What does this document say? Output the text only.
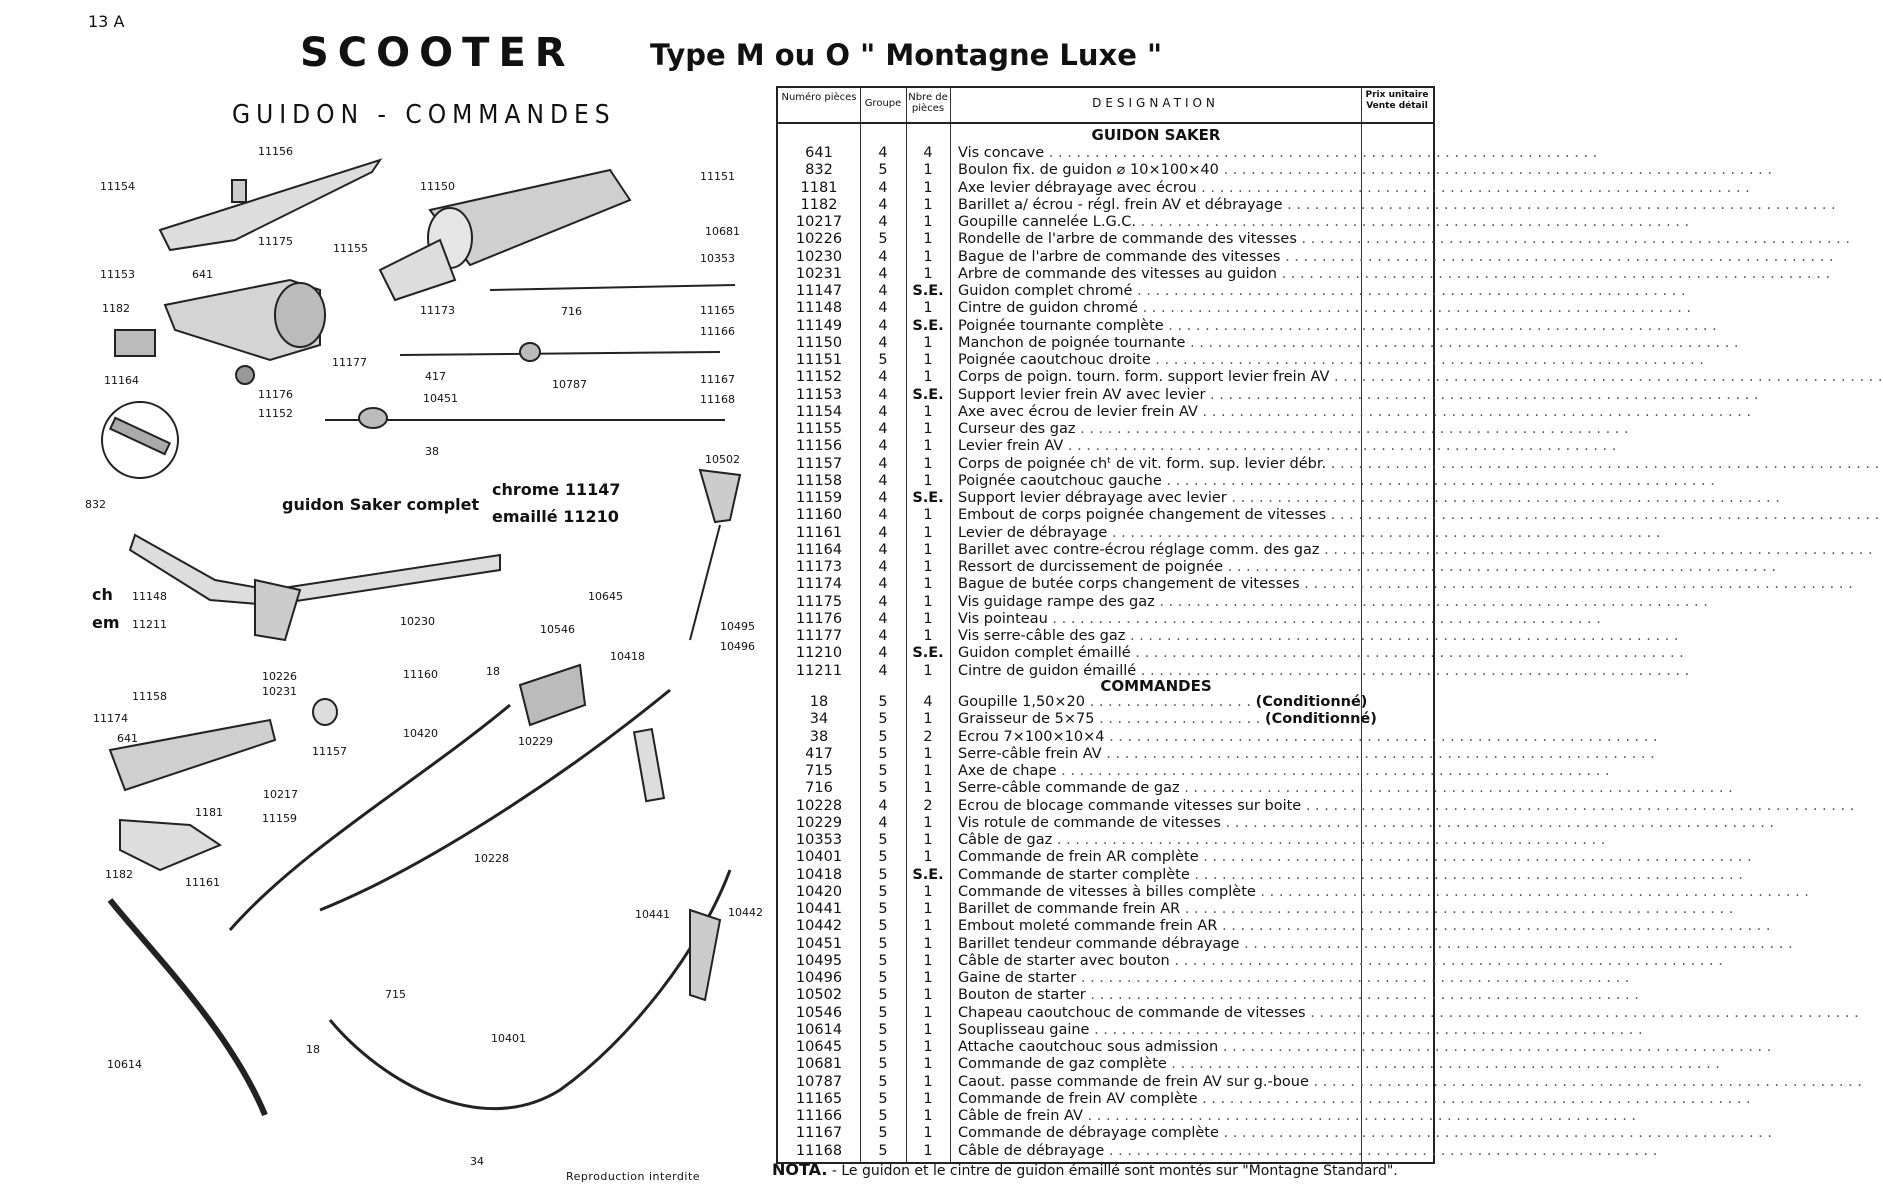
13 A
SCOOTER	Type M ou O " Montagne Luxe "
GUIDON - COMMANDES
guidon Saker complet
chrome 11147
emaillé 11210
ch
em
11156
11154	11150
11151
11175
11155
10681
10353
11153	641
1182	716
11173	11165
11166
11177
11164	417
10787
11176
11167
11168
11152
10451
38
832
10502
11148
11211	10230
10645
10546	10495
10496
10418
10226
10231
11160	18
11158
11174
641	10420
10229
11157
10217
1181	11159
10228
1182
11161
10441	10442
715
10401
18
10614
34
Reproduction interdite
Numéro pièces
Groupe
Nbre de pièces	DESIGNATION
Prix unitaire Vente détail
GUIDON SAKER
641	4	4	Vis concave . . . . . . . . . . . . . . . . . . . . . . . . . . . . . . . . . . . . . . . . . . . . . . . . . . . . . . . . . . . .
832	5	1	Boulon fix. de guidon ⌀ 10×100×40 . . . . . . . . . . . . . . . . . . . . . . . . . . . . . . . . . . . . . . . . . . . . . . . . . . . . . . . . . . . .
1181	4	1	Axe levier débrayage avec écrou . . . . . . . . . . . . . . . . . . . . . . . . . . . . . . . . . . . . . . . . . . . . . . . . . . . . . . . . . . . .
1182	4	1	Barillet a/ écrou - régl. frein AV et débrayage . . . . . . . . . . . . . . . . . . . . . . . . . . . . . . . . . . . . . . . . . . . . . . . . . . . . . . . . . . . .
10217	4	1	Goupille cannelée L.G.C. . . . . . . . . . . . . . . . . . . . . . . . . . . . . . . . . . . . . . . . . . . . . . . . . . . . . . . . . . . . .
10226	5	1	Rondelle de l'arbre de commande des vitesses . . . . . . . . . . . . . . . . . . . . . . . . . . . . . . . . . . . . . . . . . . . . . . . . . . . . . . . . . . . .
10230	4	1	Bague de l'arbre de commande des vitesses . . . . . . . . . . . . . . . . . . . . . . . . . . . . . . . . . . . . . . . . . . . . . . . . . . . . . . . . . . . .
10231	4	1	Arbre de commande des vitesses au guidon . . . . . . . . . . . . . . . . . . . . . . . . . . . . . . . . . . . . . . . . . . . . . . . . . . . . . . . . . . . .
11147	4	S.E. Guidon complet chromé . . . . . . . . . . . . . . . . . . . . . . . . . . . . . . . . . . . . . . . . . . . . . . . . . . . . . . . . . . . .
11148	4	1	Cintre de guidon chromé . . . . . . . . . . . . . . . . . . . . . . . . . . . . . . . . . . . . . . . . . . . . . . . . . . . . . . . . . . . .
11149	4	S.E. Poignée tournante complète . . . . . . . . . . . . . . . . . . . . . . . . . . . . . . . . . . . . . . . . . . . . . . . . . . . . . . . . . . . .
11150	4	1	Manchon de poignée tournante . . . . . . . . . . . . . . . . . . . . . . . . . . . . . . . . . . . . . . . . . . . . . . . . . . . . . . . . . . . .
11151	5	1	Poignée caoutchouc droite . . . . . . . . . . . . . . . . . . . . . . . . . . . . . . . . . . . . . . . . . . . . . . . . . . . . . . . . . . . .
11152	4	1	Corps de poign. tourn. form. support levier frein AV . . . . . . . . . . . . . . . . . . . . . . . . . . . . . . . . . . . . . . . . . . . . . . . . . . . . . . . . . . . .
11153	4	S.E. Support levier frein AV avec levier . . . . . . . . . . . . . . . . . . . . . . . . . . . . . . . . . . . . . . . . . . . . . . . . . . . . . . . . . . . .
11154	4	1	Axe avec écrou de levier frein AV . . . . . . . . . . . . . . . . . . . . . . . . . . . . . . . . . . . . . . . . . . . . . . . . . . . . . . . . . . . .
11155	4	1	Curseur des gaz . . . . . . . . . . . . . . . . . . . . . . . . . . . . . . . . . . . . . . . . . . . . . . . . . . . . . . . . . . . .
11156	4	1	Levier frein AV . . . . . . . . . . . . . . . . . . . . . . . . . . . . . . . . . . . . . . . . . . . . . . . . . . . . . . . . . . . .
11157	4	1	Corps de poignée chᵗ de vit. form. sup. levier débr. . . . . . . . . . . . . . . . . . . . . . . . . . . . . . . . . . . . . . . . . . . . . . . . . . . . . . . . . . . . .
11158	4	1	Poignée caoutchouc gauche . . . . . . . . . . . . . . . . . . . . . . . . . . . . . . . . . . . . . . . . . . . . . . . . . . . . . . . . . . . .
11159	4	S.E. Support levier débrayage avec levier . . . . . . . . . . . . . . . . . . . . . . . . . . . . . . . . . . . . . . . . . . . . . . . . . . . . . . . . . . . .
11160	4	1	Embout de corps poignée changement de vitesses . . . . . . . . . . . . . . . . . . . . . . . . . . . . . . . . . . . . . . . . . . . . . . . . . . . . . . . . . . . .
11161	4	1	Levier de débrayage . . . . . . . . . . . . . . . . . . . . . . . . . . . . . . . . . . . . . . . . . . . . . . . . . . . . . . . . . . . .
11164	4	1	Barillet avec contre-écrou réglage comm. des gaz . . . . . . . . . . . . . . . . . . . . . . . . . . . . . . . . . . . . . . . . . . . . . . . . . . . . . . . . . . . .
11173	4	1	Ressort de durcissement de poignée . . . . . . . . . . . . . . . . . . . . . . . . . . . . . . . . . . . . . . . . . . . . . . . . . . . . . . . . . . . .
11174	4	1	Bague de butée corps changement de vitesses . . . . . . . . . . . . . . . . . . . . . . . . . . . . . . . . . . . . . . . . . . . . . . . . . . . . . . . . . . . .
11175	4	1	Vis guidage rampe des gaz . . . . . . . . . . . . . . . . . . . . . . . . . . . . . . . . . . . . . . . . . . . . . . . . . . . . . . . . . . . .
11176	4	1	Vis pointeau . . . . . . . . . . . . . . . . . . . . . . . . . . . . . . . . . . . . . . . . . . . . . . . . . . . . . . . . . . . .
11177	4	1	Vis serre-câble des gaz . . . . . . . . . . . . . . . . . . . . . . . . . . . . . . . . . . . . . . . . . . . . . . . . . . . . . . . . . . . .
11210	4	S.E. Guidon complet émaillé . . . . . . . . . . . . . . . . . . . . . . . . . . . . . . . . . . . . . . . . . . . . . . . . . . . . . . . . . . . .
11211	4	1	Cintre de guidon émaillé . . . . . . . . . . . . . . . . . . . . . . . . . . . . . . . . . . . . . . . . . . . . . . . . . . . . . . . . . . . .
COMMANDES
18	5	4	Goupille 1,50×20 . . . . . . . . . . . . . . . . . . (Conditionné)
34	5	1	Graisseur de 5×75 . . . . . . . . . . . . . . . . . . (Conditionné)
38	5	2	Ecrou 7×100×10×4 . . . . . . . . . . . . . . . . . . . . . . . . . . . . . . . . . . . . . . . . . . . . . . . . . . . . . . . . . . . .
417	5	1	Serre-câble frein AV . . . . . . . . . . . . . . . . . . . . . . . . . . . . . . . . . . . . . . . . . . . . . . . . . . . . . . . . . . . .
715	5	1	Axe de chape . . . . . . . . . . . . . . . . . . . . . . . . . . . . . . . . . . . . . . . . . . . . . . . . . . . . . . . . . . . .
716	5	1	Serre-câble commande de gaz . . . . . . . . . . . . . . . . . . . . . . . . . . . . . . . . . . . . . . . . . . . . . . . . . . . . . . . . . . . .
10228	4	2	Ecrou de blocage commande vitesses sur boite . . . . . . . . . . . . . . . . . . . . . . . . . . . . . . . . . . . . . . . . . . . . . . . . . . . . . . . . . . . .
10229	4	1	Vis rotule de commande de vitesses . . . . . . . . . . . . . . . . . . . . . . . . . . . . . . . . . . . . . . . . . . . . . . . . . . . . . . . . . . . .
10353	5	1	Câble de gaz . . . . . . . . . . . . . . . . . . . . . . . . . . . . . . . . . . . . . . . . . . . . . . . . . . . . . . . . . . . .
10401	5	1	Commande de frein AR complète . . . . . . . . . . . . . . . . . . . . . . . . . . . . . . . . . . . . . . . . . . . . . . . . . . . . . . . . . . . .
10418	5	S.E. Commande de starter complète . . . . . . . . . . . . . . . . . . . . . . . . . . . . . . . . . . . . . . . . . . . . . . . . . . . . . . . . . . . .
10420	5	1	Commande de vitesses à billes complète . . . . . . . . . . . . . . . . . . . . . . . . . . . . . . . . . . . . . . . . . . . . . . . . . . . . . . . . . . . .
10441	5	1	Barillet de commande frein AR . . . . . . . . . . . . . . . . . . . . . . . . . . . . . . . . . . . . . . . . . . . . . . . . . . . . . . . . . . . .
10442	5	1	Embout moleté commande frein AR . . . . . . . . . . . . . . . . . . . . . . . . . . . . . . . . . . . . . . . . . . . . . . . . . . . . . . . . . . . .
10451	5	1	Barillet tendeur commande débrayage . . . . . . . . . . . . . . . . . . . . . . . . . . . . . . . . . . . . . . . . . . . . . . . . . . . . . . . . . . . .
10495	5	1	Câble de starter avec bouton . . . . . . . . . . . . . . . . . . . . . . . . . . . . . . . . . . . . . . . . . . . . . . . . . . . . . . . . . . . .
10496	5	1	Gaine de starter . . . . . . . . . . . . . . . . . . . . . . . . . . . . . . . . . . . . . . . . . . . . . . . . . . . . . . . . . . . .
10502	5	1	Bouton de starter . . . . . . . . . . . . . . . . . . . . . . . . . . . . . . . . . . . . . . . . . . . . . . . . . . . . . . . . . . . .
10546	5	1	Chapeau caoutchouc de commande de vitesses . . . . . . . . . . . . . . . . . . . . . . . . . . . . . . . . . . . . . . . . . . . . . . . . . . . . . . . . . . . .
10614	5	1	Souplisseau gaine . . . . . . . . . . . . . . . . . . . . . . . . . . . . . . . . . . . . . . . . . . . . . . . . . . . . . . . . . . . .
10645	5	1	Attache caoutchouc sous admission . . . . . . . . . . . . . . . . . . . . . . . . . . . . . . . . . . . . . . . . . . . . . . . . . . . . . . . . . . . .
10681	5	1	Commande de gaz complète . . . . . . . . . . . . . . . . . . . . . . . . . . . . . . . . . . . . . . . . . . . . . . . . . . . . . . . . . . . .
10787	5	1	Caout. passe commande de frein AV sur g.-boue . . . . . . . . . . . . . . . . . . . . . . . . . . . . . . . . . . . . . . . . . . . . . . . . . . . . . . . . . . . .
11165	5	1	Commande de frein AV complète . . . . . . . . . . . . . . . . . . . . . . . . . . . . . . . . . . . . . . . . . . . . . . . . . . . . . . . . . . . .
11166	5	1	Câble de frein AV . . . . . . . . . . . . . . . . . . . . . . . . . . . . . . . . . . . . . . . . . . . . . . . . . . . . . . . . . . . .
11167	5	1	Commande de débrayage complète . . . . . . . . . . . . . . . . . . . . . . . . . . . . . . . . . . . . . . . . . . . . . . . . . . . . . . . . . . . .
11168	5	1	Câble de débrayage . . . . . . . . . . . . . . . . . . . . . . . . . . . . . . . . . . . . . . . . . . . . . . . . . . . . . . . . . . . .
NOTA. - Le guidon et le cintre de guidon émaillé sont montés sur "Montagne Standard".
